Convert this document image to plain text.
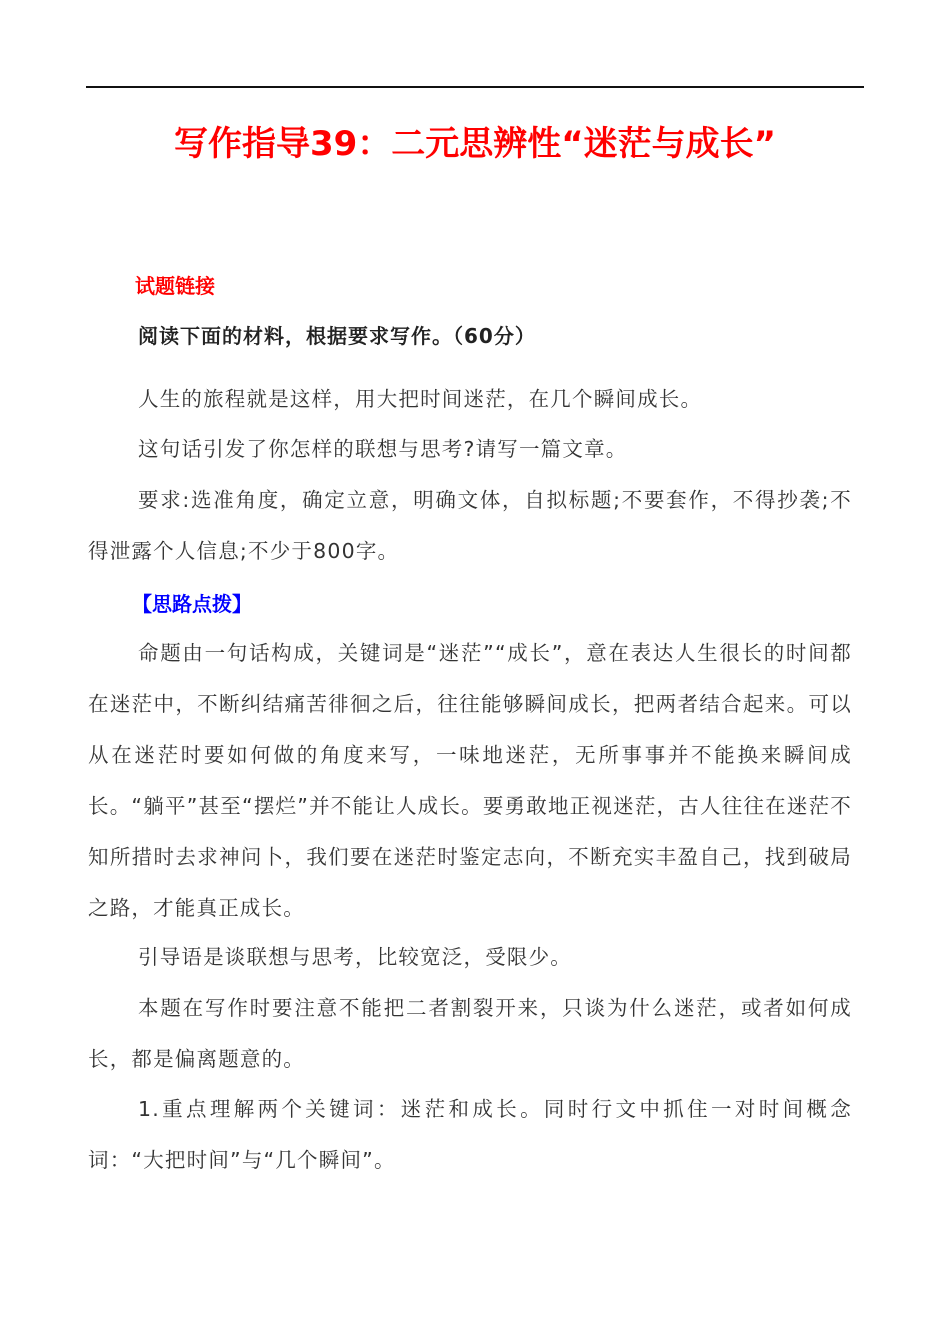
写作指导39：二元思辨性“迷茫与成长”
试题链接
阅读下面的材料，根据要求写作。（60分）
人生的旅程就是这样，用大把时间迷茫，在几个瞬间成长。
这句话引发了你怎样的联想与思考?请写一篇文章。
要求:选准角度，确定立意，明确文体，自拟标题;不要套作，不得抄袭;不得泄露个人信息;不少于800字。
【思路点拨】
命题由一句话构成，关键词是“迷茫”“成长”，意在表达人生很长的时间都在迷茫中，不断纠结痛苦徘徊之后，往往能够瞬间成长，把两者结合起来。可以从在迷茫时要如何做的角度来写，一味地迷茫，无所事事并不能换来瞬间成长。“躺平”甚至“摆烂”并不能让人成长。要勇敢地正视迷茫，古人往往在迷茫不知所措时去求神问卜，我们要在迷茫时鉴定志向，不断充实丰盈自己，找到破局之路，才能真正成长。
引导语是谈联想与思考，比较宽泛，受限少。
本题在写作时要注意不能把二者割裂开来，只谈为什么迷茫，或者如何成长，都是偏离题意的。
1.重点理解两个关键词：迷茫和成长。同时行文中抓住一对时间概念词：“大把时间”与“几个瞬间”。
